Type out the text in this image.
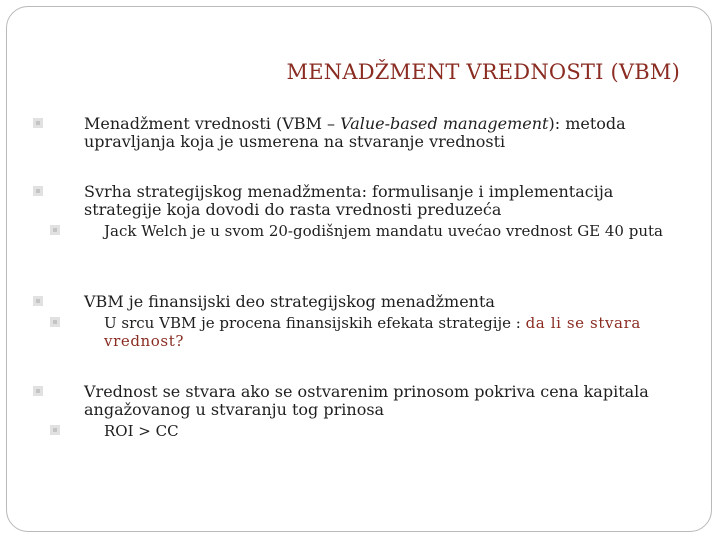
MENADŽMENT VREDNOSTI (VBM)
Menadžment vrednosti (VBM – Value-based management): metoda upravljanja koja je usmerena na stvaranje vrednosti
Svrha strategijskog menadžmenta: formulisanje i implementacija strategije koja dovodi do rasta vrednosti preduzeća
Jack Welch je u svom 20-godišnjem mandatu uvećao vrednost GE 40 puta
VBM je finansijski deo strategijskog menadžmenta
U srcu VBM je procena finansijskih efekata strategije : da li se stvara vrednost?
Vrednost se stvara ako se ostvarenim prinosom pokriva cena kapitala angažovanog u stvaranju tog prinosa
ROI > CC
